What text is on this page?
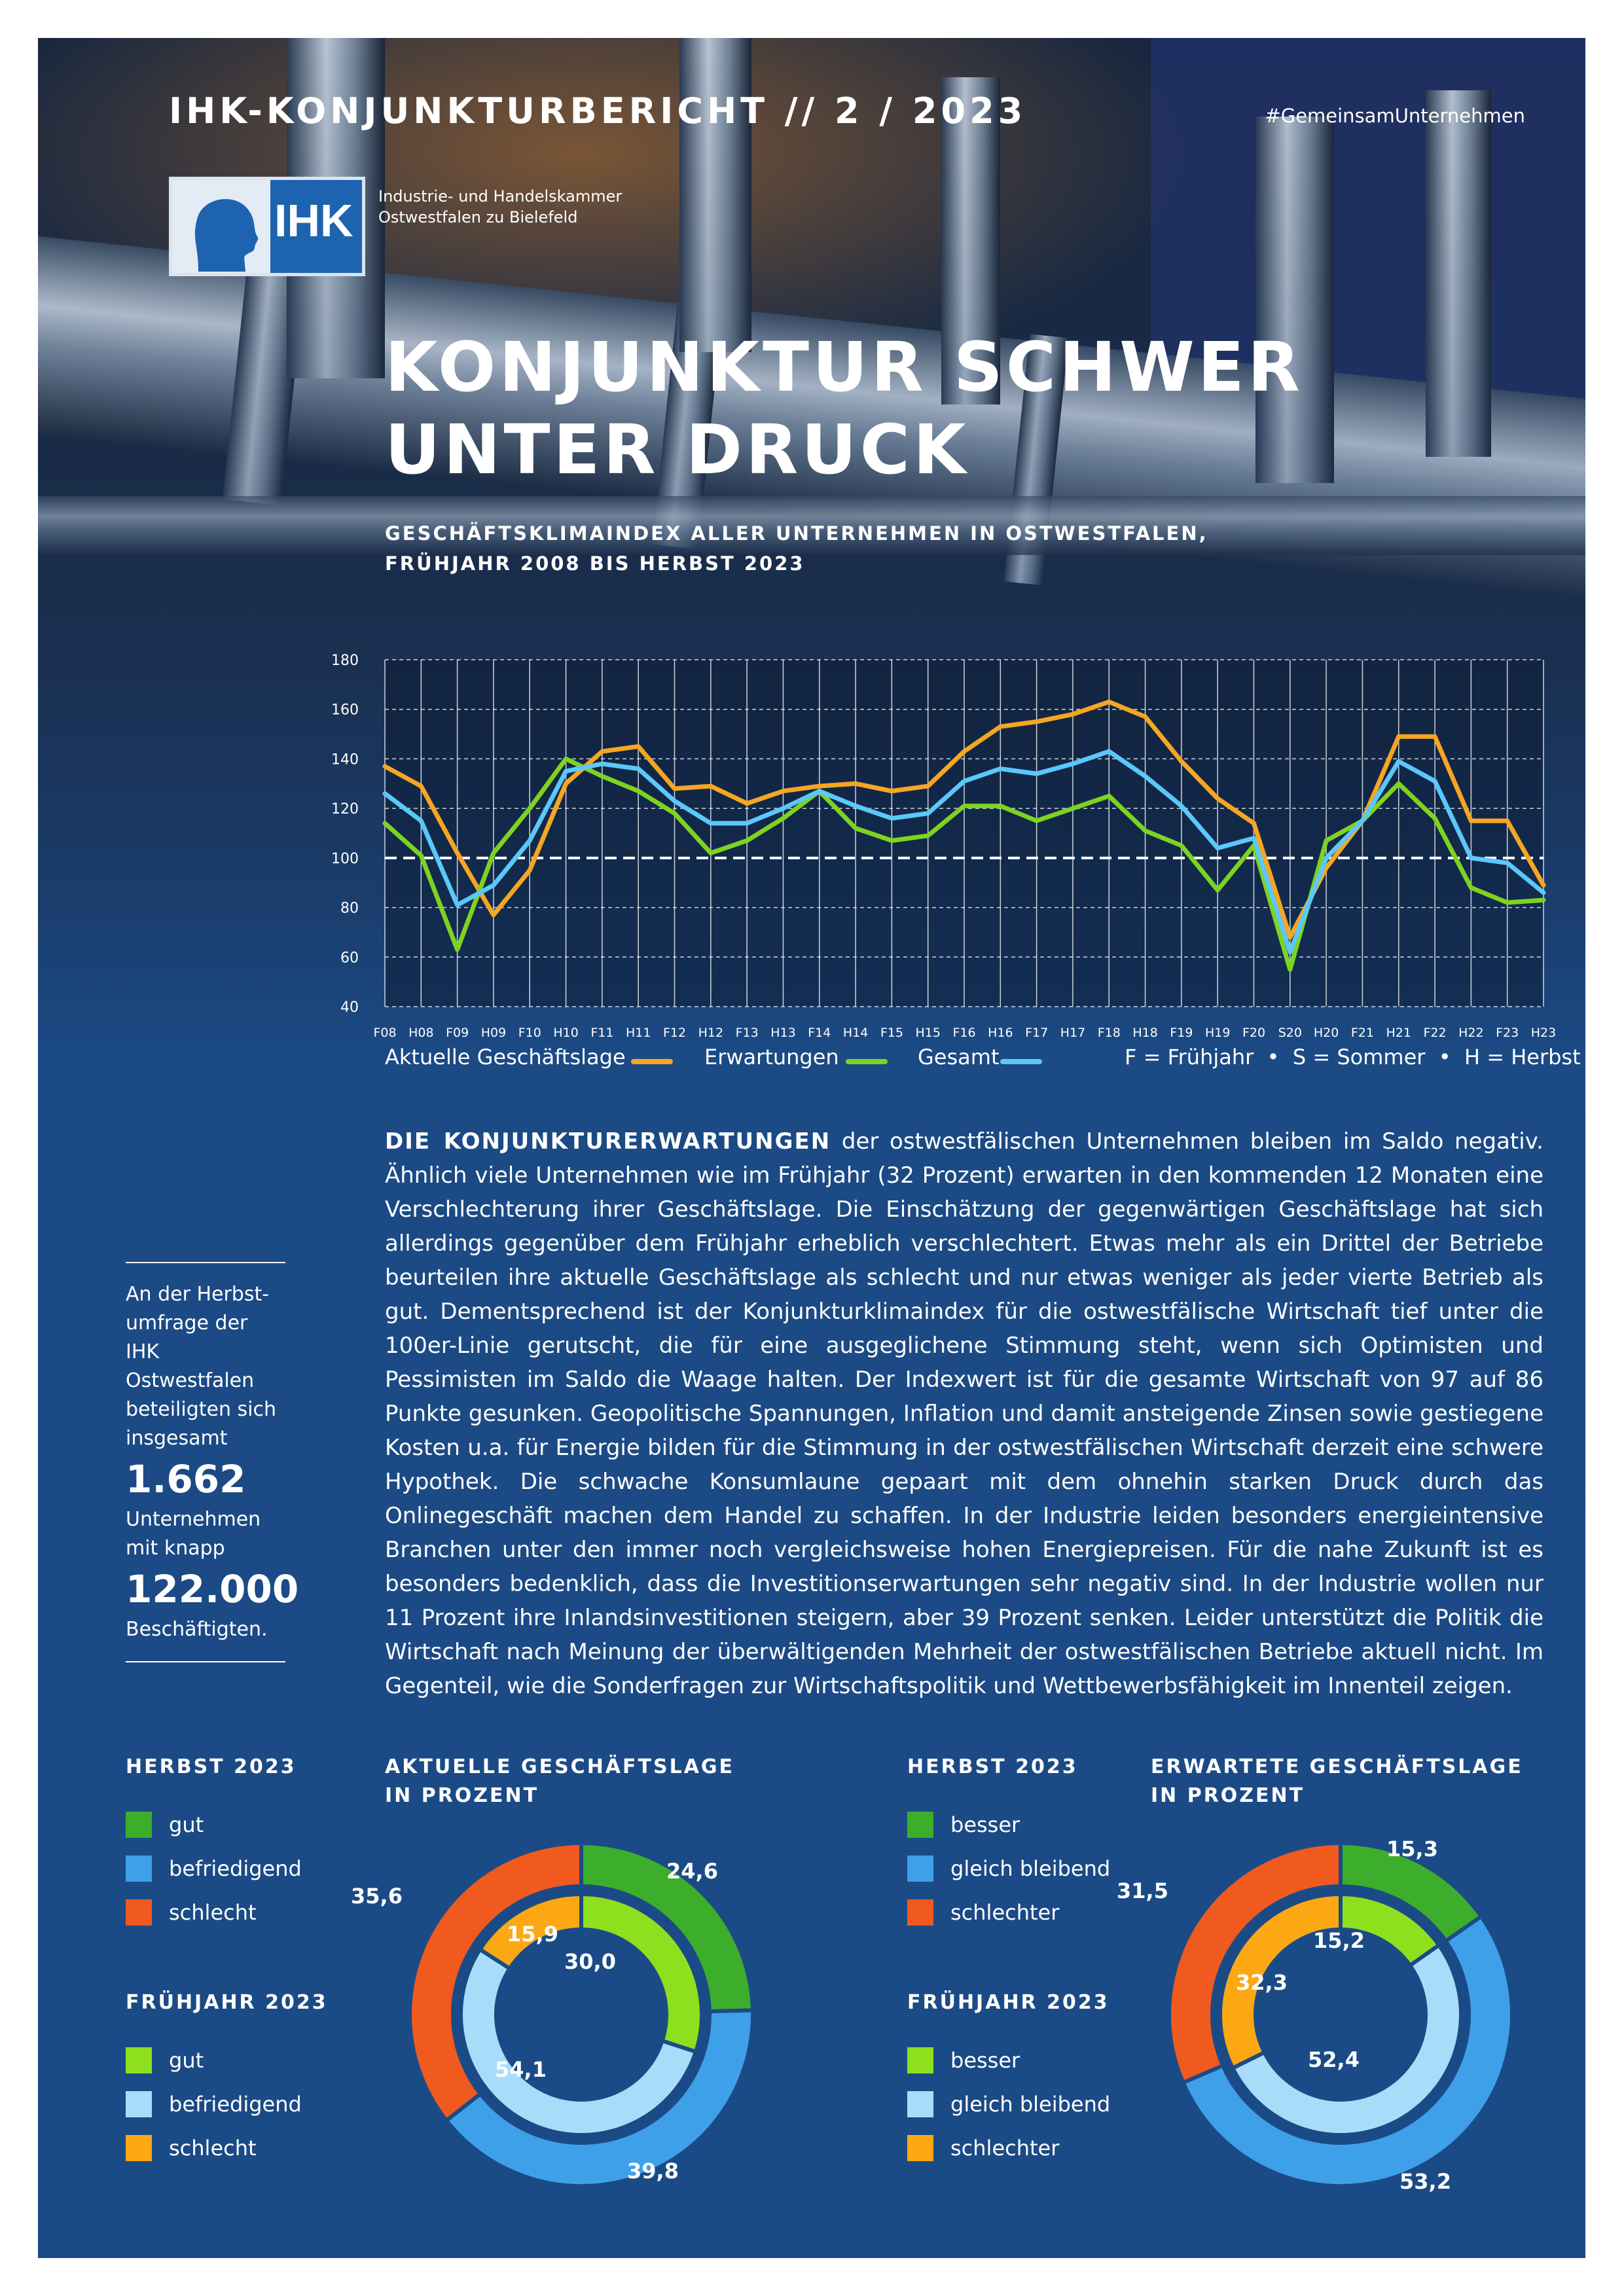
IHK-KONJUNKTURBERICHT // 2 / 2023	#GemeinsamUnternehmen
IHK Industrie- und Handelskammer
Ostwestfalen zu Bielefeld
KONJUNKTUR SCHWER
UNTER DRUCK
GESCHÄFTSKLIMAINDEX ALLER UNTERNEHMEN IN OSTWESTFALEN,
FRÜHJAHR 2008 BIS HERBST 2023
40
60
80
100
120
140
160
180
F08 H08 F09 H09 F10 H10 F11 H11 F12 H12 F13 H13 F14 H14 F15 H15 F16 H16 F17 H17 F18 H18 F19 H19 F20 S20 H20 F21 H21 F22 H22 F23 H23
Aktuelle Geschäftslage	Erwartungen	Gesamt	F = Frühjahr  •  S = Sommer  •  H = Herbst
An der Herbst-
umfrage der
IHK Ostwestfalen
beteiligten sich
insgesamt
1.662
Unternehmen
mit knapp
122.000
Beschäftigten.
DIE KONJUNKTURERWARTUNGEN der ostwestfälischen Unternehmen bleiben im Saldo negativ. Ähnlich viele Unternehmen wie im Frühjahr (32 Prozent) erwarten in den kommenden 12 Monaten eine Verschlechterung ihrer Geschäftslage. Die Einschätzung der gegenwärtigen Geschäftslage hat sich allerdings gegenüber dem Frühjahr erheblich verschlechtert. Etwas mehr als ein Drittel der Betriebe beurteilen ihre aktuelle Geschäftslage als schlecht und nur etwas weniger als jeder vierte Betrieb als gut. Dementsprechend ist der Konjunkturklimaindex für die ostwestfälische Wirtschaft tief unter die 100er-Linie gerutscht, die für eine ausgeglichene Stimmung steht, wenn sich Optimisten und Pessimisten im Saldo die Waage halten. Der Indexwert ist für die gesamte Wirtschaft von 97 auf 86 Punkte gesunken. Geopolitische Spannungen, Inflation und damit ansteigende Zinsen sowie gestiegene Kosten u.a. für Energie bilden für die Stimmung in der ostwestfälischen Wirtschaft derzeit eine schwere Hypothek. Die schwache Konsumlaune gepaart mit dem ohnehin starken Druck durch das Onlinegeschäft machen dem Handel zu schaffen. In der Industrie leiden besonders energieintensive Branchen unter den immer noch vergleichsweise hohen Energiepreisen. Für die nahe Zukunft ist es besonders bedenklich, dass die Investitionserwartungen sehr negativ sind. In der Industrie wollen nur 11 Prozent ihre Inlandsinvestitionen steigern, aber 39 Prozent senken. Leider unterstützt die Politik die Wirtschaft nach Meinung der überwältigenden Mehrheit der ostwestfälischen Betriebe aktuell nicht. Im Gegenteil, wie die Sonderfragen zur Wirtschaftspolitik und Wettbewerbsfähigkeit im Innenteil zeigen.
HERBST 2023
gut
befriedigend
schlecht
FRÜHJAHR 2023
gut
befriedigend
schlecht
AKTUELLE GESCHÄFTSLAGE
IN PROZENT
24,6
39,8
35,6
30,0
54,1
15,9
HERBST 2023
besser
gleich bleibend
schlechter
FRÜHJAHR 2023
besser
gleich bleibend
schlechter
ERWARTETE GESCHÄFTSLAGE
IN PROZENT
15,3
53,2
31,5
15,2
52,4
32,3
